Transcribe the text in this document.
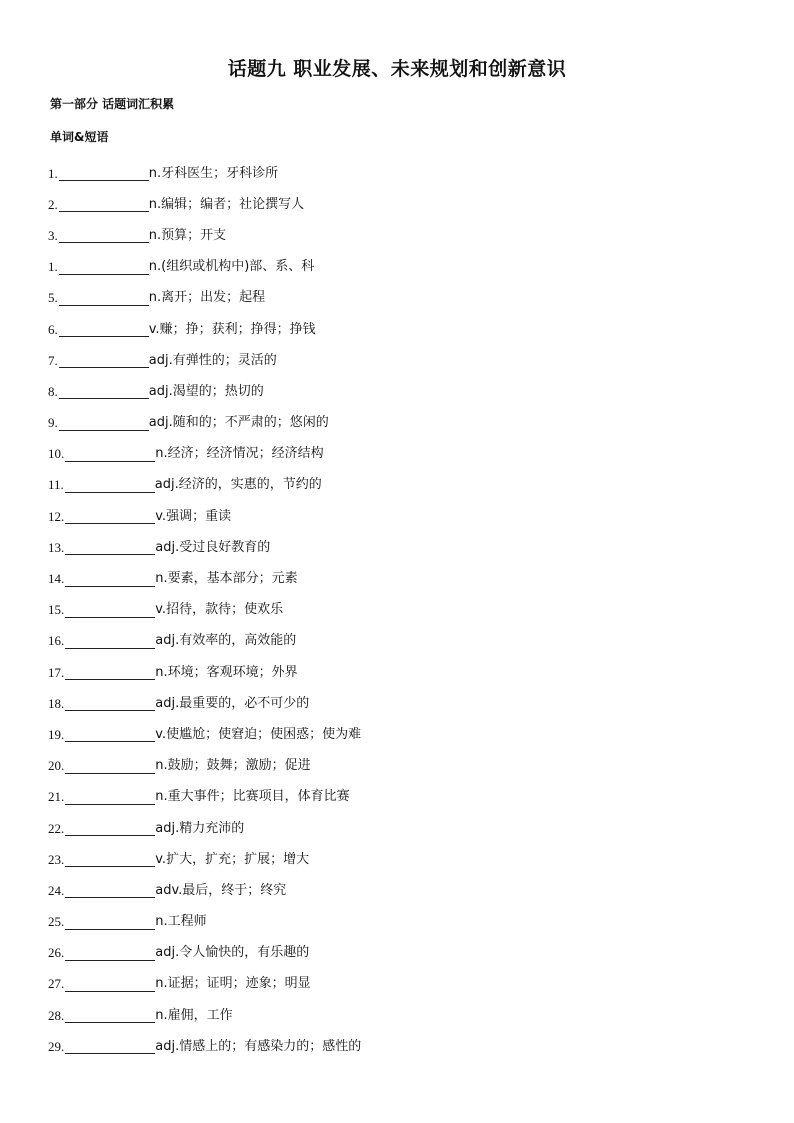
话题九 职业发展、未来规划和创新意识
第一部分 话题词汇积累
单词&短语
1.	n.牙科医生；牙科诊所
2.	n.编辑；编者；社论撰写人
3.	n.预算；开支
1.	n.(组织或机构中)部、系、科
5.	n.离开；出发；起程
6.	v.赚；挣；获利；挣得；挣钱
7.	adj.有弹性的；灵活的
8.	adj.渴望的；热切的
9.	adj.随和的；不严肃的；悠闲的
10.	n.经济；经济情况；经济结构
11.	adj.经济的，实惠的，节约的
12.	v.强调；重读
13.	adj.受过良好教育的
14.	n.要素，基本部分；元素
15.	v.招待，款待；使欢乐
16.	adj.有效率的，高效能的
17.	n.环境；客观环境；外界
18.	adj.最重要的，必不可少的
19.	v.使尴尬；使窘迫；使困惑；使为难
20.	n.鼓励；鼓舞；激励；促进
21.	n.重大事件；比赛项目，体育比赛
22.	adj.精力充沛的
23.	v.扩大，扩充；扩展；增大
24.	adv.最后，终于；终究
25.	n.工程师
26.	adj.令人愉快的，有乐趣的
27.	n.证据；证明；迹象；明显
28.	n.雇佣，工作
29.	adj.情感上的；有感染力的；感性的
